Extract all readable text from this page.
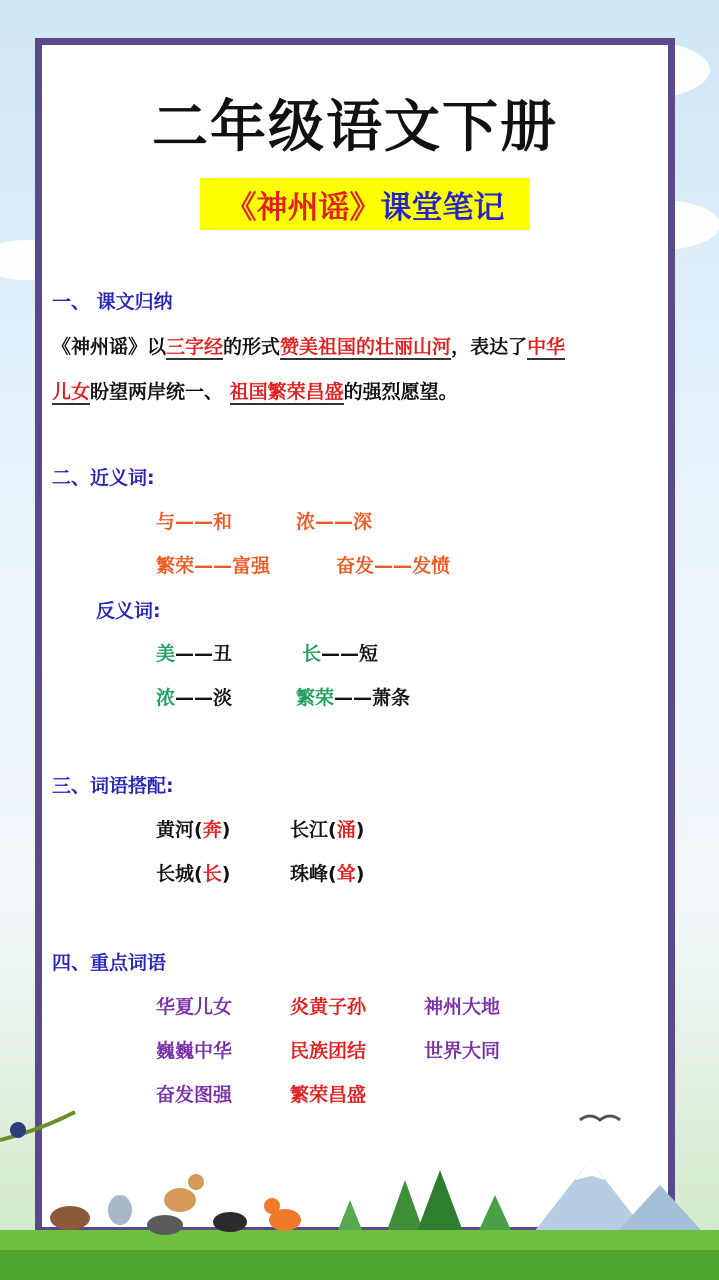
二年级语文下册
《神州谣》 课堂笔记
一、 课文归纳
《神州谣》以三字经的形式赞美祖国的壮丽山河，表达了中华
儿女盼望两岸统一、 祖国繁荣昌盛的强烈愿望。
二、近义词:
与——和	浓——深
繁荣——富强	奋发——发愤
反义词:
美——丑	长——短
浓——淡	繁荣——萧条
三、词语搭配:
黄河(奔)	长江(涌)
长城(长)	珠峰(耸)
四、重点词语
华夏儿女	炎黄子孙	神州大地
巍巍中华	民族团结	世界大同
奋发图强	繁荣昌盛
